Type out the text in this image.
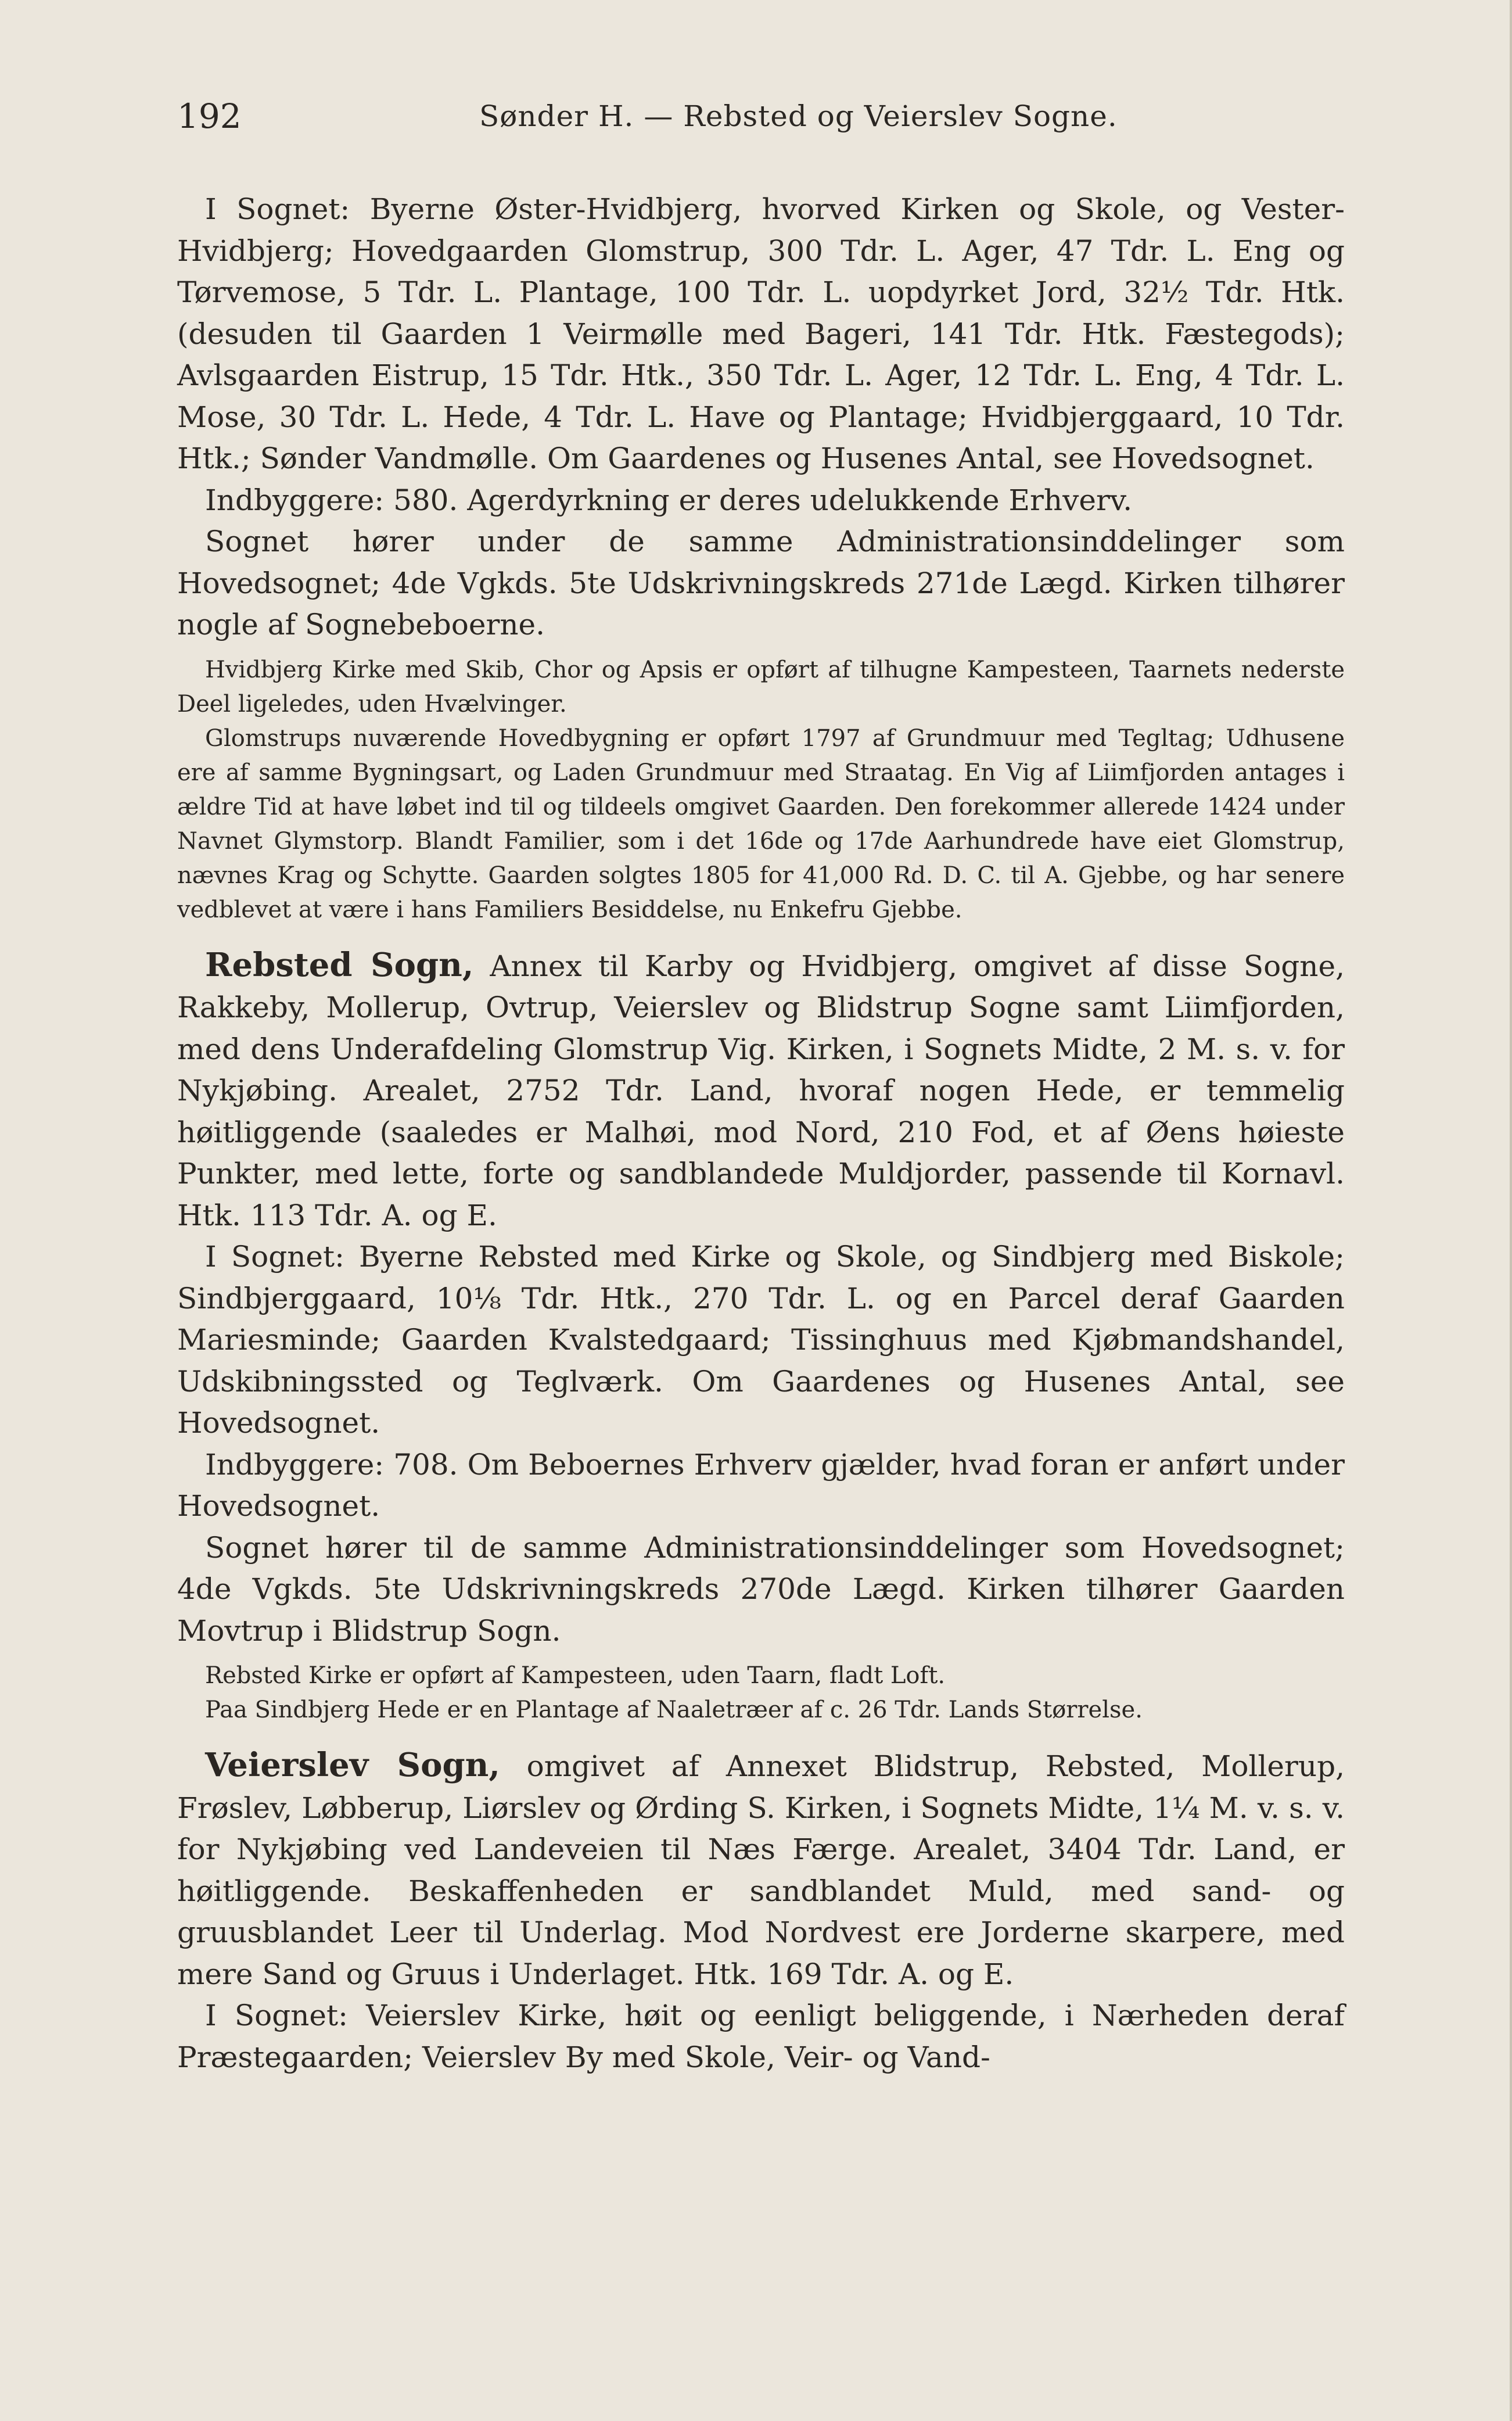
192	Sønder H. — Rebsted og Veierslev Sogne.

I Sognet: Byerne Øster-Hvidbjerg, hvorved Kirken og Skole, og Vester-Hvidbjerg; Hovedgaarden Glomstrup, 300 Tdr. L. Ager, 47 Tdr. L. Eng og Tørvemose, 5 Tdr. L. Plantage, 100 Tdr. L. uopdyrket Jord, 32½ Tdr. Htk. (desuden til Gaarden 1 Veirmølle med Bageri, 141 Tdr. Htk. Fæstegods); Avlsgaarden Eistrup, 15 Tdr. Htk., 350 Tdr. L. Ager, 12 Tdr. L. Eng, 4 Tdr. L. Mose, 30 Tdr. L. Hede, 4 Tdr. L. Have og Plantage; Hvidbjerggaard, 10 Tdr. Htk.; Sønder Vandmølle. Om Gaardenes og Husenes Antal, see Hovedsognet.

Indbyggere: 580. Agerdyrkning er deres udelukkende Erhverv.

Sognet hører under de samme Administrationsinddelinger som Hovedsognet; 4de Vgkds. 5te Udskrivningskreds 271de Lægd. Kirken tilhører nogle af Sognebeboerne.

Hvidbjerg Kirke med Skib, Chor og Apsis er opført af tilhugne Kampesteen, Taarnets nederste Deel ligeledes, uden Hvælvinger.

Glomstrups nuværende Hovedbygning er opført 1797 af Grundmuur med Tegltag; Udhusene ere af samme Bygningsart, og Laden Grundmuur med Straatag. En Vig af Liimfjorden antages i ældre Tid at have løbet ind til og tildeels omgivet Gaarden. Den forekommer allerede 1424 under Navnet Glymstorp. Blandt Familier, som i det 16de og 17de Aarhundrede have eiet Glomstrup, nævnes Krag og Schytte. Gaarden solgtes 1805 for 41,000 Rd. D. C. til A. Gjebbe, og har senere vedblevet at være i hans Familiers Besiddelse, nu Enkefru Gjebbe.

Rebsted Sogn, Annex til Karby og Hvidbjerg, omgivet af disse Sogne, Rakkeby, Mollerup, Ovtrup, Veierslev og Blidstrup Sogne samt Liimfjorden, med dens Underafdeling Glomstrup Vig. Kirken, i Sognets Midte, 2 M. s. v. for Nykjøbing. Arealet, 2752 Tdr. Land, hvoraf nogen Hede, er temmelig høitliggende (saaledes er Malhøi, mod Nord, 210 Fod, et af Øens høieste Punkter, med lette, forte og sandblandede Muldjorder, passende til Kornavl. Htk. 113 Tdr. A. og E.

I Sognet: Byerne Rebsted med Kirke og Skole, og Sindbjerg med Biskole; Sindbjerggaard, 10⅛ Tdr. Htk., 270 Tdr. L. og en Parcel deraf Gaarden Mariesminde; Gaarden Kvalstedgaard; Tissinghuus med Kjøbmandshandel, Udskibningssted og Teglværk. Om Gaardenes og Husenes Antal, see Hovedsognet.

Indbyggere: 708. Om Beboernes Erhverv gjælder, hvad foran er anført under Hovedsognet.

Sognet hører til de samme Administrationsinddelinger som Hovedsognet; 4de Vgkds. 5te Udskrivningskreds 270de Lægd. Kirken tilhører Gaarden Movtrup i Blidstrup Sogn.

Rebsted Kirke er opført af Kampesteen, uden Taarn, fladt Loft.

Paa Sindbjerg Hede er en Plantage af Naaletræer af c. 26 Tdr. Lands Størrelse.

Veierslev Sogn, omgivet af Annexet Blidstrup, Rebsted, Mollerup, Frøslev, Løbberup, Liørslev og Ørding S. Kirken, i Sognets Midte, 1¼ M. v. s. v. for Nykjøbing ved Landeveien til Næs Færge. Arealet, 3404 Tdr. Land, er høitliggende. Beskaffenheden er sandblandet Muld, med sand- og gruusblandet Leer til Underlag. Mod Nordvest ere Jorderne skarpere, med mere Sand og Gruus i Underlaget. Htk. 169 Tdr. A. og E.

I Sognet: Veierslev Kirke, høit og eenligt beliggende, i Nærheden deraf Præstegaarden; Veierslev By med Skole, Veir- og Vand-
